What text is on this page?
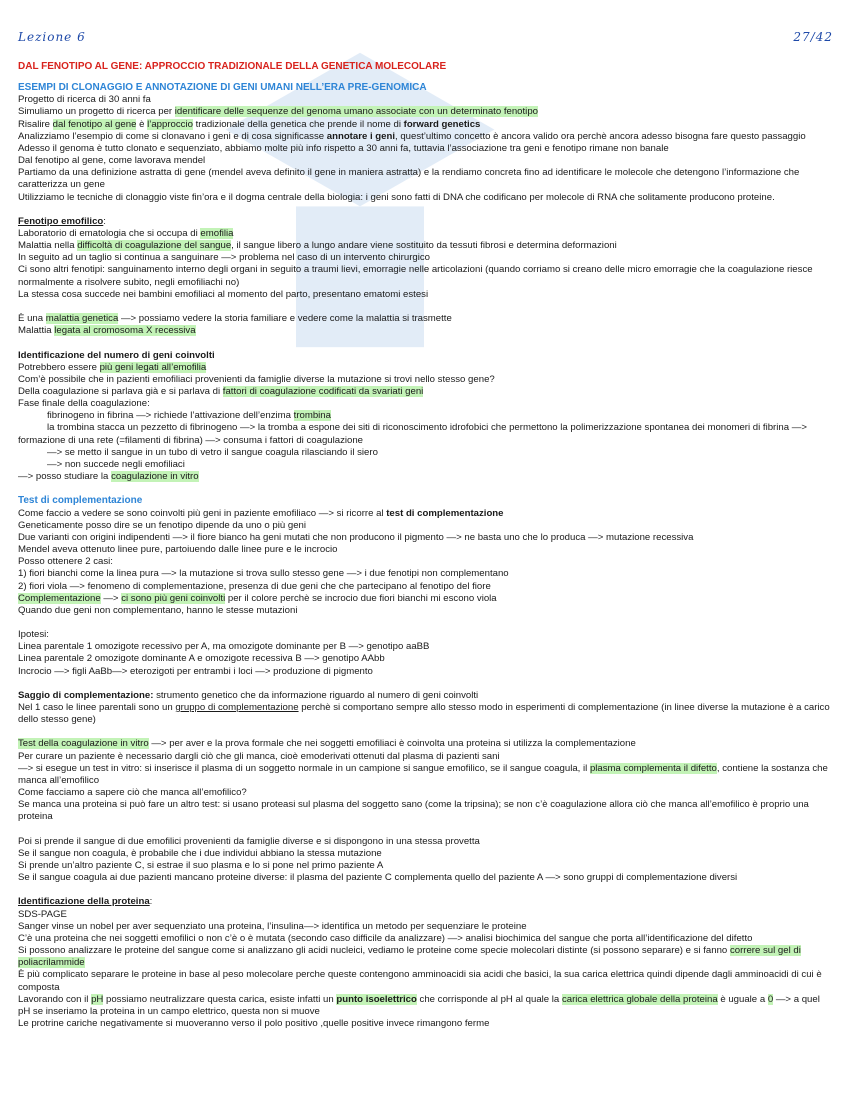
Lezione 6	27/42

DAL FENOTIPO AL GENE: APPROCCIO TRADIZIONALE DELLA GENETICA MOLECOLARE

ESEMPI DI CLONAGGIO E ANNOTAZIONE DI GENI UMANI NELL’ERA PRE-GENOMICA

Progetto di ricerca di 30 anni fa

Simuliamo un progetto di ricerca per identificare delle sequenze del genoma umano associate con un determinato fenotipo

Risalire dal fenotipo al gene è l’approccio tradizionale della genetica che prende il nome di forward genetics

Analizziamo l’esempio di come si clonavano i geni e di cosa significasse annotare i geni, quest’ultimo concetto è ancora valido ora perchè ancora adesso bisogna fare questo passaggio

Adesso il genoma è tutto clonato e sequenziato, abbiamo molte più info rispetto a 30 anni fa, tuttavia l’associazione tra geni e fenotipo rimane non banale

Dal fenotipo al gene, come lavorava mendel

Partiamo da una definizione astratta di gene (mendel aveva definito il gene in maniera astratta) e la rendiamo concreta fino ad identificare le molecole che detengono l’informazione che caratterizza un gene

Utilizziamo le tecniche di clonaggio viste fin’ora e il dogma centrale della biologia: i geni sono fatti di DNA che codificano per molecole di RNA che solitamente producono proteine.

Fenotipo emofilico:

Laboratorio di ematologia che si occupa di emofilia

Malattia nella difficoltà di coagulazione del sangue, il sangue libero a lungo andare viene sostituito da tessuti fibrosi e determina deformazioni

In seguito ad un taglio si continua a sanguinare —> problema nel caso di un intervento chirurgico

Ci sono altri fenotipi: sanguinamento interno degli organi in seguito a traumi lievi, emorragie nelle articolazioni (quando corriamo si creano delle micro emorragie che la coagulazione riesce normalmente a risolvere subito, negli emofiliachi no)

La stessa cosa succede nei bambini emofiliaci al momento del parto, presentano ematomi estesi

È una malattia genetica —> possiamo vedere la storia familiare e vedere come la malattia si trasmette

Malattia legata al cromosoma X recessiva

Identificazione del numero di geni coinvolti

Potrebbero essere più geni legati all’emofilia

Com’è possibile che in pazienti emofiliaci provenienti da famiglie diverse la mutazione si trovi nello stesso gene?

Della coagulazione si parlava già e si parlava di fattori di coagulazione codificati da svariati geni

Fase finale della coagulazione:

fibrinogeno in fibrina —> richiede l’attivazione dell’enzima trombina

la trombina stacca un pezzetto di fibrinogeno —> la tromba a espone dei siti di riconoscimento idrofobici che permettono la polimerizzazione spontanea dei monomeri di fibrina —> formazione di una rete (=filamenti di fibrina) —> consuma i fattori di coagulazione

—> se metto il sangue in un tubo di vetro il sangue coagula rilasciando il siero

—> non succede negli emofiliaci

—> posso studiare la coagulazione in vitro

Test di complementazione

Come faccio a vedere se sono coinvolti più geni in paziente emofiliaco —> si ricorre al test di complementazione

Geneticamente posso dire se un fenotipo dipende da uno o più geni

Due varianti con origini indipendenti —> il fiore bianco ha geni mutati che non producono il pigmento —> ne basta uno che lo produca —> mutazione recessiva

Mendel aveva ottenuto linee pure, partoiuendo dalle linee pure e le incrocio

Posso ottenere 2 casi:

1) fiori bianchi come la linea pura —> la mutazione si trova sullo stesso gene —> i due fenotipi non complementano

2) fiori viola —> fenomeno di complementazione, presenza di due geni che che partecipano al fenotipo del fiore

Complementazione —> ci sono più geni coinvolti per il colore perchè se incrocio due fiori bianchi mi escono viola

Quando due geni non complementano, hanno le stesse mutazioni

Ipotesi:

Linea parentale 1 omozigote recessivo per A, ma omozigote dominante per B —> genotipo aaBB

Linea parentale 2 omozigote dominante A e omozigote recessiva B —> genotipo AAbb

Incrocio —> figli AaBb—> eterozigoti per entrambi i loci —> produzione di pigmento

Saggio di complementazione: strumento genetico che da informazione riguardo al numero di geni coinvolti

Nel 1 caso le linee parentali sono un gruppo di complementazione perchè si comportano sempre allo stesso modo in esperimenti di complementazione (in linee diverse la mutazione è a carico dello stesso gene)

Test della coagulazione in vitro —> per aver e la prova formale che nei soggetti emofiliaci è coinvolta una proteina si utilizza la complementazione

Per curare un paziente è necessario dargli ciò che gli manca, cioè emoderivati ottenuti dal plasma di pazienti sani

—> si esegue un test in vitro: si inserisce il plasma di un soggetto normale in un campione si sangue emofilico, se il sangue coagula, il plasma complementa il difetto, contiene la sostanza che manca all’emofilico

Come facciamo a sapere ciò che manca all’emofilico?

Se manca una proteina si può fare un altro test: si usano proteasi sul plasma del soggetto sano (come la tripsina); se non c’è coagulazione allora ciò che manca all’emofilico è proprio una proteina

Poi si prende il sangue di due emofilici provenienti da famiglie diverse e si dispongono in una stessa provetta

Se il sangue non coagula, è probabile che i due individui abbiano la stessa mutazione

Si prende un’altro paziente C, si estrae il suo plasma e lo si pone nel primo paziente A

Se il sangue coagula ai due pazienti mancano proteine diverse: il plasma del paziente C complementa quello del paziente A —> sono gruppi di complementazione diversi

Identificazione della proteina:

SDS-PAGE

Sanger vinse un nobel per aver sequenziato una proteina, l’insulina—> identifica un metodo per sequenziare le proteine

C’è una proteina che nei soggetti emofilici o non c’è o è mutata (secondo caso difficile da analizzare) —> analisi biochimica del sangue che porta all’identificazione del difetto

Si possono analizzare le proteine del sangue come si analizzano gli acidi nucleici, vediamo le proteine come specie molecolari distinte (si possono separare) e si fanno correre sul gel di poliacrilammide

È più complicato separare le proteine in base al peso molecolare perche queste contengono amminoacidi sia acidi che basici, la sua carica elettrica quindi dipende dagli amminoacidi di cui è composta

Lavorando con il pH possiamo neutralizzare questa carica, esiste infatti un punto isoelettrico che corrisponde al pH al quale la carica elettrica globale della proteina è uguale a 0 —> a quel pH se inseriamo la proteina in un campo elettrico, questa non si muove

Le protrine cariche negativamente si muoveranno verso il polo positivo ,quelle positive invece rimangono ferme
